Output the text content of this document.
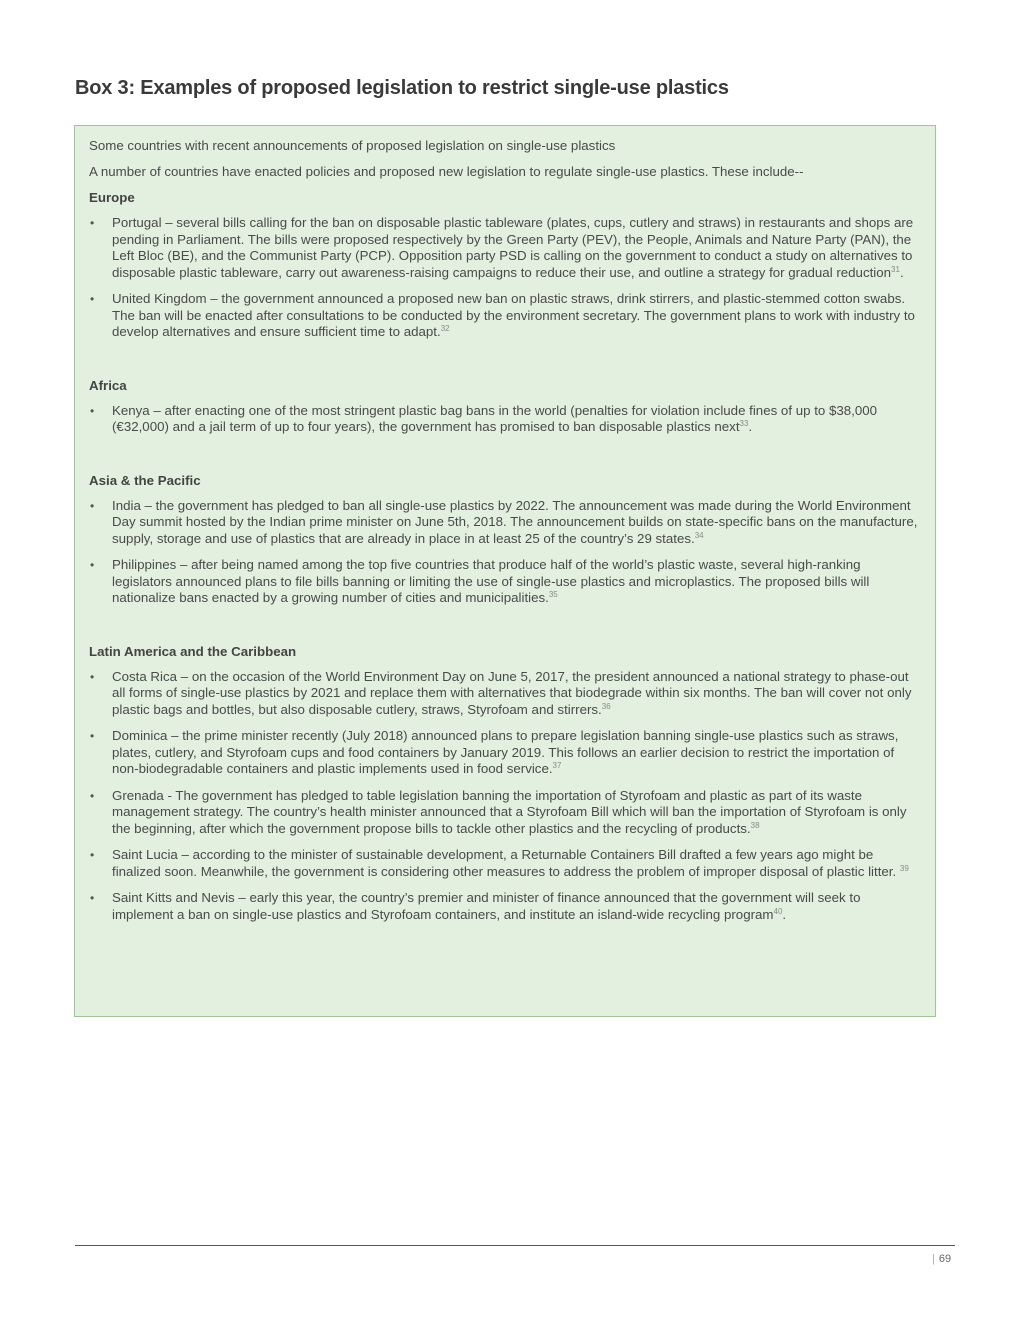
Box 3: Examples of proposed legislation to restrict single-use plastics

Some countries with recent announcements of proposed legislation on single-use plastics

A number of countries have enacted policies and proposed new legislation to regulate single-use plastics. These include--

Europe

• Portugal – several bills calling for the ban on disposable plastic tableware (plates, cups, cutlery and straws) in restaurants and shops are pending in Parliament. The bills were proposed respectively by the Green Party (PEV), the People, Animals and Nature Party (PAN), the Left Bloc (BE), and the Communist Party (PCP). Opposition party PSD is calling on the government to conduct a study on alternatives to disposable plastic tableware, carry out awareness-raising campaigns to reduce their use, and outline a strategy for gradual reduction$^{31}$.
• United Kingdom – the government announced a proposed new ban on plastic straws, drink stirrers, and plastic-stemmed cotton swabs. The ban will be enacted after consultations to be conducted by the environment secretary. The government plans to work with industry to develop alternatives and ensure sufficient time to adapt.$^{32}$

Africa

• Kenya – after enacting one of the most stringent plastic bag bans in the world (penalties for violation include fines of up to $38,000 (€32,000) and a jail term of up to four years), the government has promised to ban disposable plastics next$^{33}$.

Asia & the Pacific

• India – the government has pledged to ban all single-use plastics by 2022. The announcement was made during the World Environment Day summit hosted by the Indian prime minister on June 5th, 2018. The announcement builds on state-specific bans on the manufacture, supply, storage and use of plastics that are already in place in at least 25 of the country’s 29 states.$^{34}$
• Philippines – after being named among the top five countries that produce half of the world’s plastic waste, several high-ranking legislators announced plans to file bills banning or limiting the use of single-use plastics and microplastics. The proposed bills will nationalize bans enacted by a growing number of cities and municipalities.$^{35}$

Latin America and the Caribbean

• Costa Rica – on the occasion of the World Environment Day on June 5, 2017, the president announced a national strategy to phase-out all forms of single-use plastics by 2021 and replace them with alternatives that biodegrade within six months. The ban will cover not only plastic bags and bottles, but also disposable cutlery, straws, Styrofoam and stirrers.$^{36}$
• Dominica – the prime minister recently (July 2018) announced plans to prepare legislation banning single-use plastics such as straws, plates, cutlery, and Styrofoam cups and food containers by January 2019. This follows an earlier decision to restrict the importation of non-biodegradable containers and plastic implements used in food service.$^{37}$
• Grenada - The government has pledged to table legislation banning the importation of Styrofoam and plastic as part of its waste management strategy. The country’s health minister announced that a Styrofoam Bill which will ban the importation of Styrofoam is only the beginning, after which the government propose bills to tackle other plastics and the recycling of products.$^{38}$
• Saint Lucia – according to the minister of sustainable development, a Returnable Containers Bill drafted a few years ago might be finalized soon. Meanwhile, the government is considering other measures to address the problem of improper disposal of plastic litter. $^{39}$
• Saint Kitts and Nevis – early this year, the country’s premier and minister of finance announced that the government will seek to implement a ban on single-use plastics and Styrofoam containers, and institute an island-wide recycling program$^{40}$.
| 69
